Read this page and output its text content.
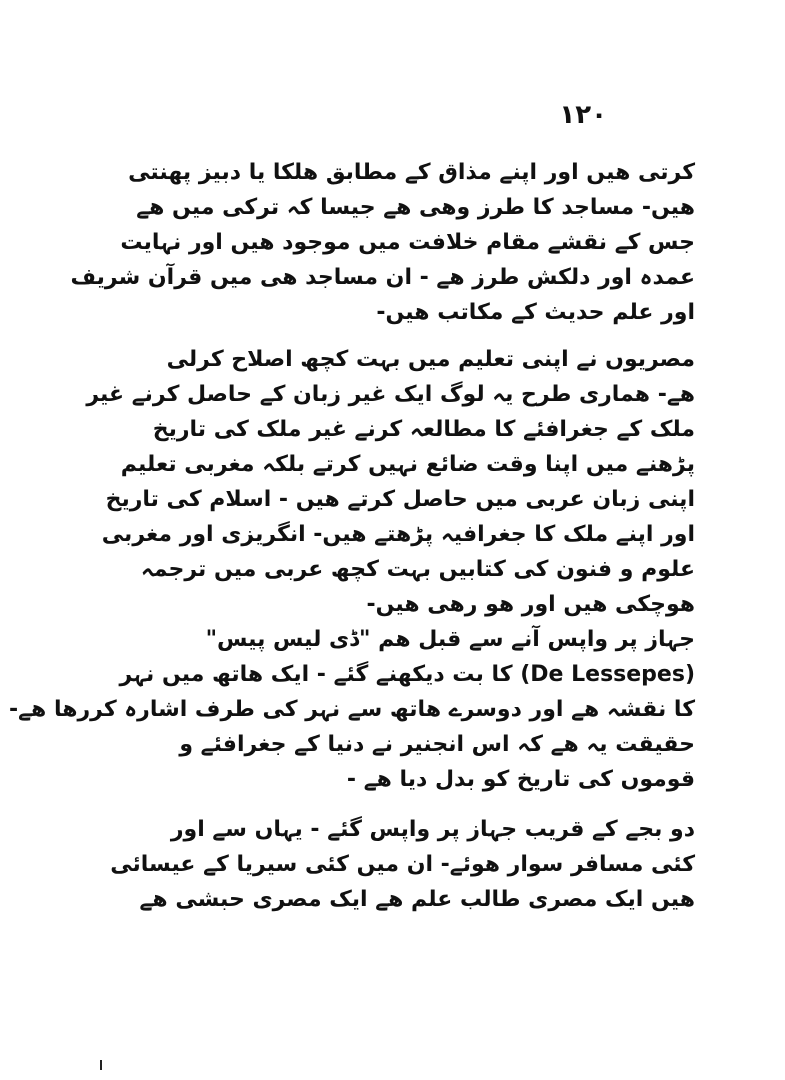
۱۲۰
کرتی ھیں اور اپنے مذاق کے مطابق ھلکا یا دبیز پھنتی
ھیں- مساجد کا طرز وھی ھے جیسا کہ ترکی میں ھے
جس کے نقشے مقام خلافت میں موجود ھیں اور نہایت
عمدہ اور دلکش طرز ھے - ان مساجد ھی میں قرآن شریف
اور علم حدیث کے مکاتب ھیں-
مصریوں نے اپنی تعلیم میں بہت کچھ اصلاح کرلی
ھے- ھماری طرح یہ لوگ ایک غیر زبان کے حاصل کرنے غیر
ملک کے جغرافئے کا مطالعہ کرنے غیر ملک کی تاریخ
پڑھنے میں اپنا وقت ضائع نہیں کرتے بلکہ مغربی تعلیم
اپنی زبان عربی میں حاصل کرتے ھیں - اسلام کی تاریخ
اور اپنے ملک کا جغرافیہ پڑھتے ھیں- انگریزی اور مغربی
علوم و فنون کی کتابیں بہت کچھ عربی میں ترجمہ
ھوچکی ھیں اور ھو رھی ھیں-
جہاز پر واپس آنے سے قبل ھم "ڈی لیس پیس"
(De Lessepes) کا بت دیکھنے گئے - ایک ھاتھ میں نہر
کا نقشہ ھے اور دوسرے ھاتھ سے نہر کی طرف اشارہ کررھا ھے-
حقیقت یہ ھے کہ اس انجنیر نے دنیا کے جغرافئے و
قوموں کی تاریخ کو بدل دیا ھے -
دو بجے کے قریب جہاز پر واپس گئے - یہاں سے اور
کئی مسافر سوار ھوئے- ان میں کئی سیریا کے عیسائی
ھیں ایک مصری طالب علم ھے ایک مصری حبشی ھے
